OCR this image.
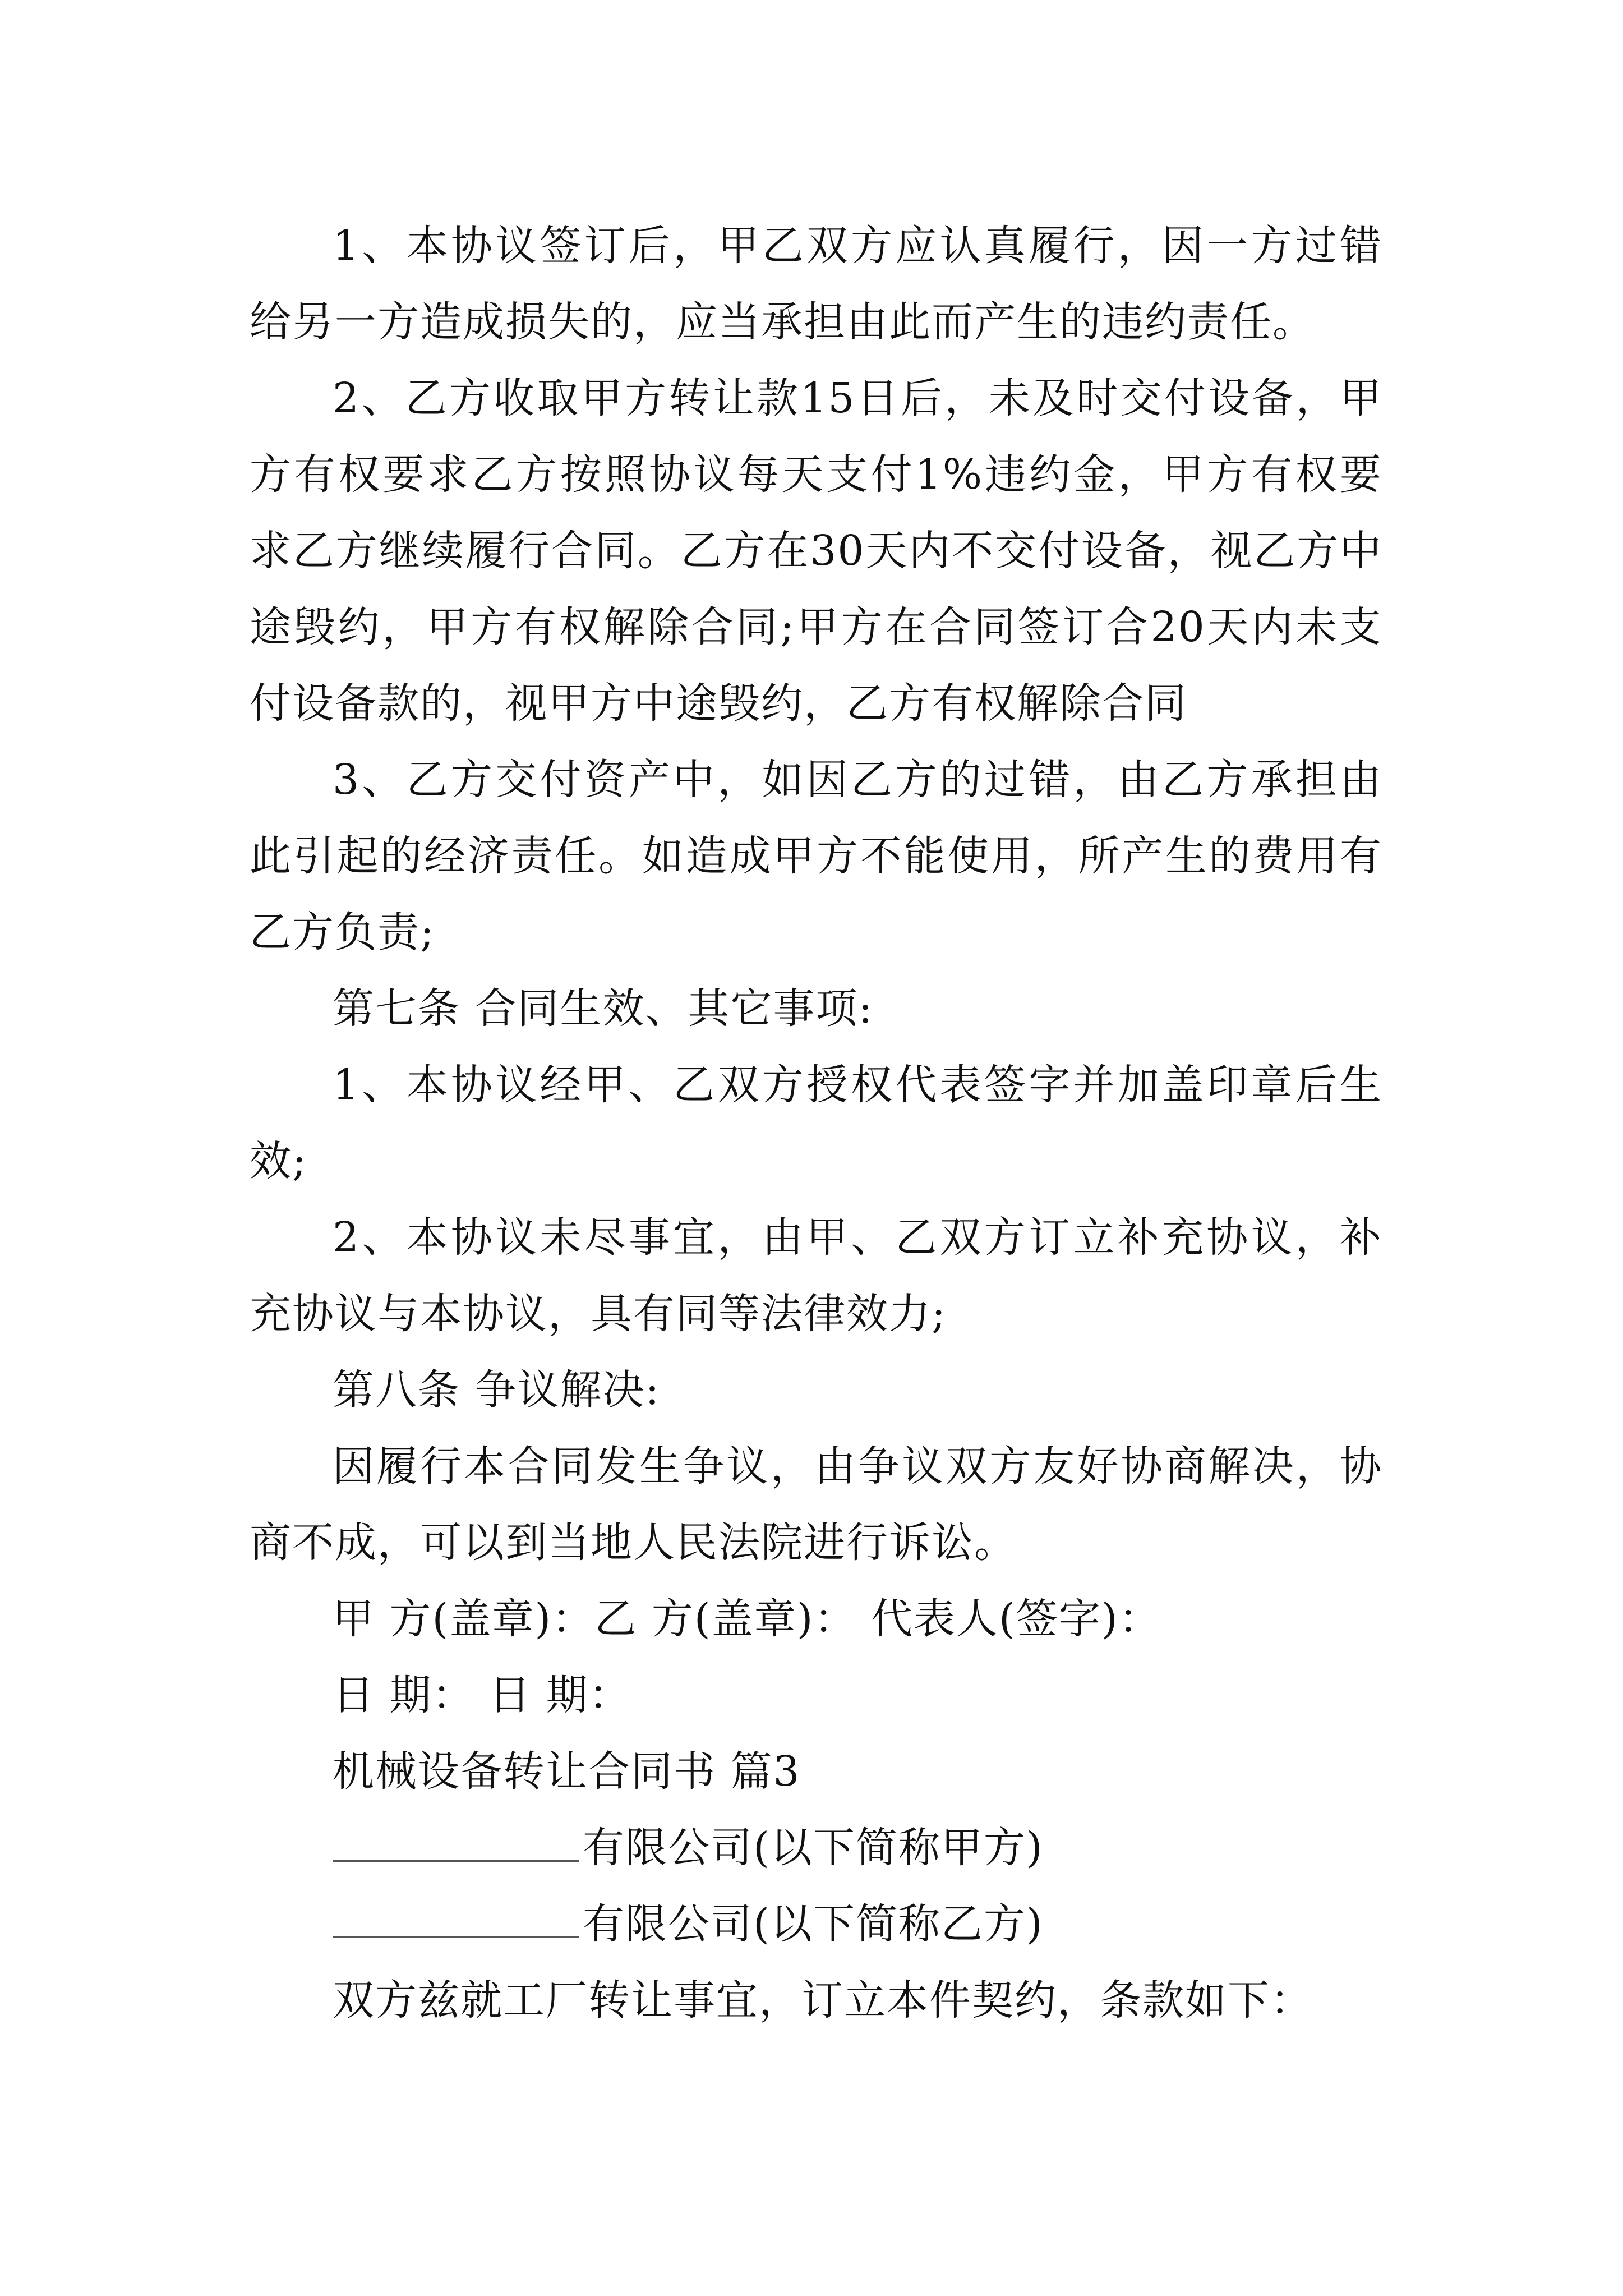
1、本协议签订后，甲乙双方应认真履行，因一方过错给另一方造成损失的，应当承担由此而产生的违约责任。

2、乙方收取甲方转让款15日后，未及时交付设备，甲方有权要求乙方按照协议每天支付1%违约金，甲方有权要求乙方继续履行合同。乙方在30天内不交付设备，视乙方中途毁约，甲方有权解除合同;甲方在合同签订合20天内未支付设备款的，视甲方中途毁约，乙方有权解除合同

3、乙方交付资产中，如因乙方的过错，由乙方承担由此引起的经济责任。如造成甲方不能使用，所产生的费用有乙方负责;

第七条 合同生效、其它事项:

1、本协议经甲、乙双方授权代表签字并加盖印章后生效;

2、本协议未尽事宜，由甲、乙双方订立补充协议，补充协议与本协议，具有同等法律效力;

第八条 争议解决:

因履行本合同发生争议，由争议双方友好协商解决，协商不成，可以到当地人民法院进行诉讼。

甲 方(盖章)：乙 方(盖章)： 代表人(签字)：

日 期： 日 期：

机械设备转让合同书 篇3

有限公司(以下简称甲方)

有限公司(以下简称乙方)

双方兹就工厂转让事宜，订立本件契约，条款如下：
